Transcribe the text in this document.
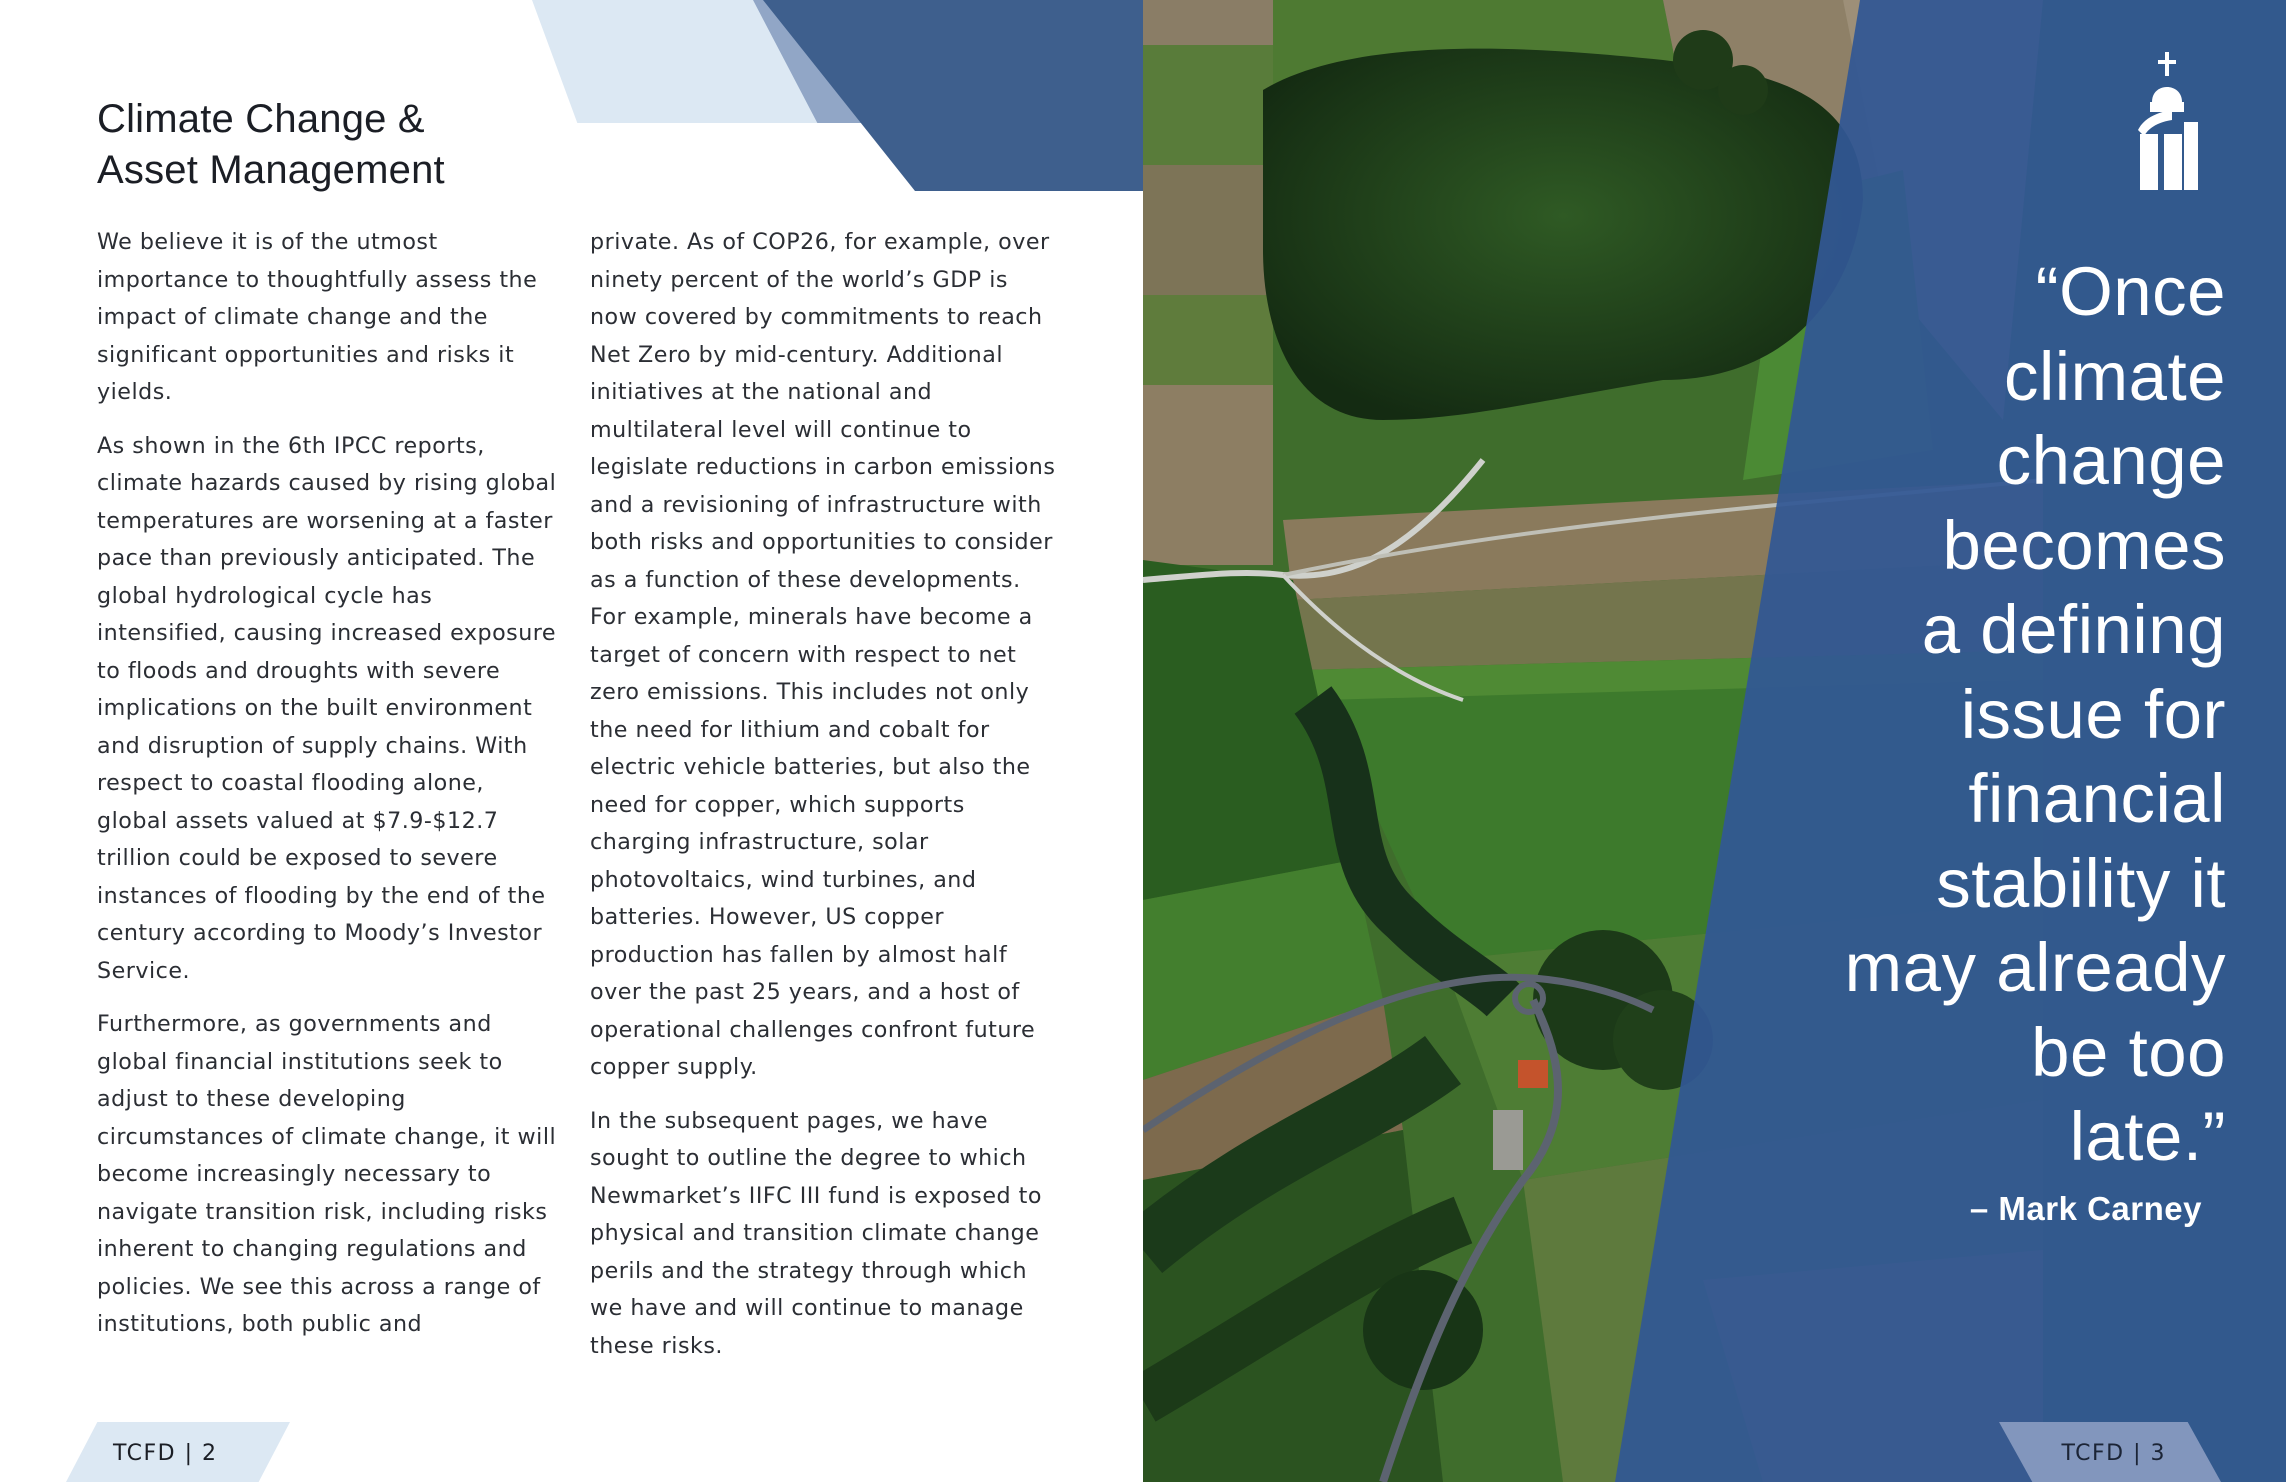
Climate Change &
Asset Management

We believe it is of the utmost importance to thoughtfully assess the impact of climate change and the significant opportunities and risks it yields.

As shown in the 6th IPCC reports, climate hazards caused by rising global temperatures are worsening at a faster pace than previously anticipated. The global hydrological cycle has intensified, causing increased exposure to floods and droughts with severe implications on the built environment and disruption of supply chains. With respect to coastal flooding alone, global assets valued at $7.9-$12.7 trillion could be exposed to severe instances of flooding by the end of the century according to Moody’s Investor Service.

Furthermore, as governments and global financial institutions seek to adjust to these developing circumstances of climate change, it will become increasingly necessary to navigate transition risk, including risks inherent to changing regulations and policies. We see this across a range of institutions, both public and

private. As of COP26, for example, over ninety percent of the world’s GDP is now covered by commitments to reach Net Zero by mid-century. Additional initiatives at the national and multilateral level will continue to legislate reductions in carbon emissions and a revisioning of infrastructure with both risks and opportunities to consider as a function of these developments. For example, minerals have become a target of concern with respect to net zero emissions. This includes not only the need for lithium and cobalt for electric vehicle batteries, but also the need for copper, which supports charging infrastructure, solar photovoltaics, wind turbines, and batteries. However, US copper production has fallen by almost half over the past 25 years, and a host of operational challenges confront future copper supply.

In the subsequent pages, we have sought to outline the degree to which Newmarket’s IIFC III fund is exposed to physical and transition climate change perils and the strategy through which we have and will continue to manage these risks.

TCFD | 2

“Once
climate
change
becomes
a defining
issue for
financial
stability it
may already
be too
late.”

– Mark Carney
TCFD | 3
